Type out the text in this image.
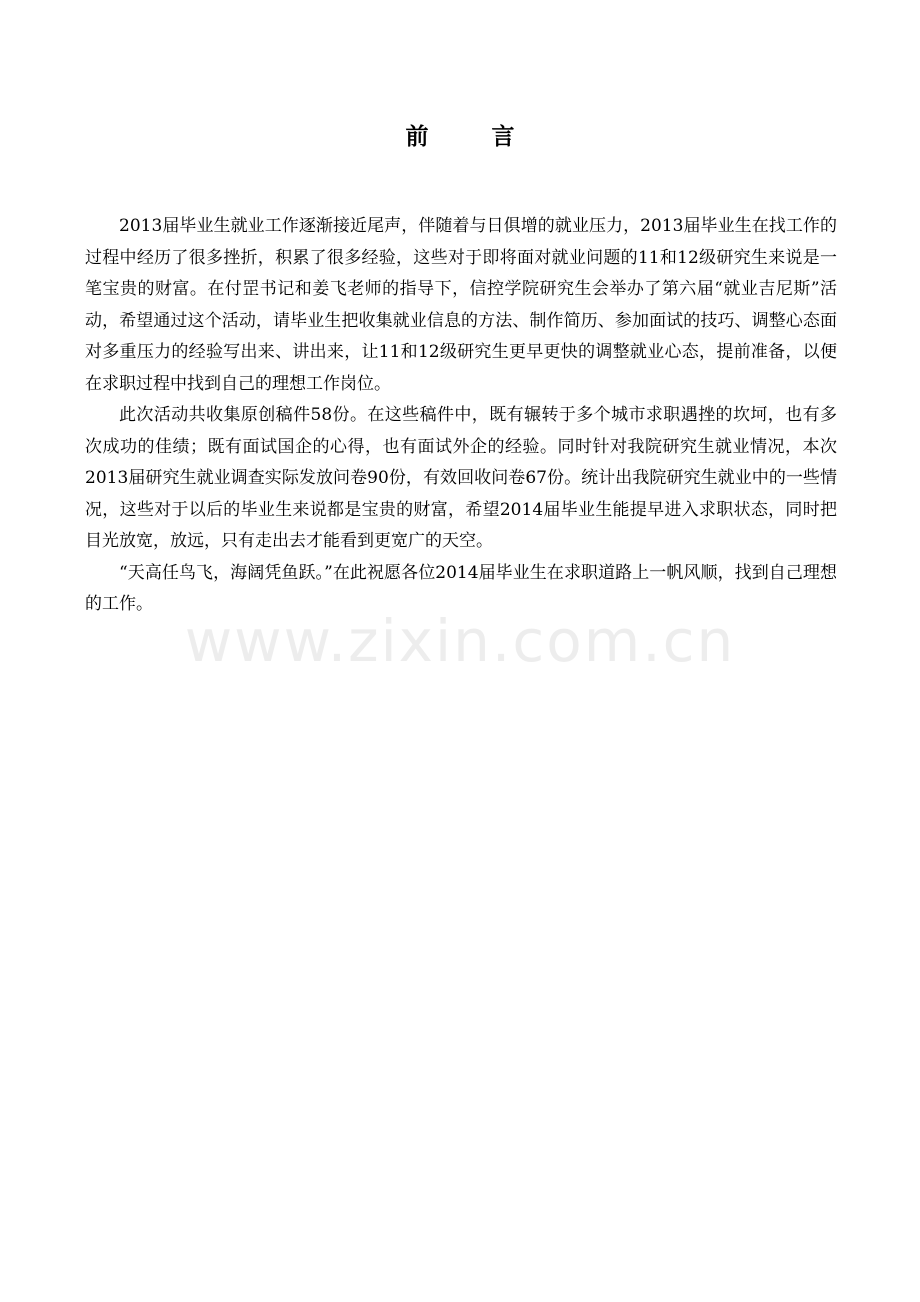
前　言

2013届毕业生就业工作逐渐接近尾声，伴随着与日俱增的就业压力，2013届毕业生在找工作的过程中经历了很多挫折，积累了很多经验，这些对于即将面对就业问题的11和12级研究生来说是一笔宝贵的财富。在付罡书记和姜飞老师的指导下，信控学院研究生会举办了第六届“就业吉尼斯”活动，希望通过这个活动，请毕业生把收集就业信息的方法、制作简历、参加面试的技巧、调整心态面对多重压力的经验写出来、讲出来，让11和12级研究生更早更快的调整就业心态，提前准备，以便在求职过程中找到自己的理想工作岗位。

此次活动共收集原创稿件58份。在这些稿件中，既有辗转于多个城市求职遇挫的坎坷，也有多次成功的佳绩；既有面试国企的心得，也有面试外企的经验。同时针对我院研究生就业情况，本次2013届研究生就业调查实际发放问卷90份，有效回收问卷67份。统计出我院研究生就业中的一些情况，这些对于以后的毕业生来说都是宝贵的财富，希望2014届毕业生能提早进入求职状态，同时把目光放宽，放远，只有走出去才能看到更宽广的天空。

“天高任鸟飞，海阔凭鱼跃。”在此祝愿各位2014届毕业生在求职道路上一帆风顺，找到自己理想的工作。

www.zixin.com.cn
